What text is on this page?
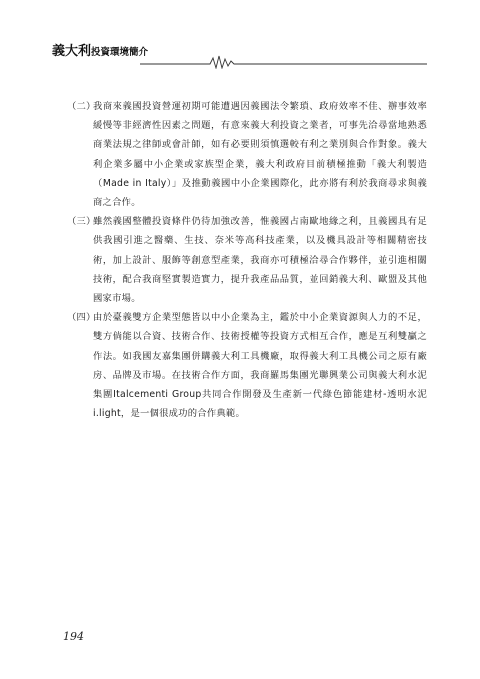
義大利投資環境簡介

（二）
我商來義國投資營運初期可能遭遇因義國法令繁瑣、政府效率不佳、辦事效率緩慢等非經濟性因素之問題，有意來義大利投資之業者，可事先洽尋當地熟悉商業法規之律師或會計師，如有必要則須慎選較有利之業別與合作對象。義大利企業多屬中小企業或家族型企業，義大利政府目前積極推動「義大利製造（Made in Italy）」及推動義國中小企業國際化，此亦將有利於我商尋求與義商之合作。

（三）
雖然義國整體投資條件仍待加強改善，惟義國占南歐地緣之利，且義國具有足供我國引進之醫藥、生技、奈米等高科技產業，以及機具設計等相關精密技術，加上設計、服飾等創意型產業，我商亦可積極洽尋合作夥伴，並引進相關技術，配合我商堅實製造實力，提升我產品品質，並回銷義大利、歐盟及其他國家市場。

（四）
由於臺義雙方企業型態皆以中小企業為主，鑑於中小企業資源與人力的不足，雙方倘能以合資、技術合作、技術授權等投資方式相互合作，應是互利雙贏之作法。如我國友嘉集團併購義大利工具機廠，取得義大利工具機公司之原有廠房、品牌及市場。在技術合作方面，我商羅馬集團光聯興業公司與義大利水泥集團Italcementi Group共同合作開發及生產新一代綠色節能建材-透明水泥i.light，是一個很成功的合作典範。

194
